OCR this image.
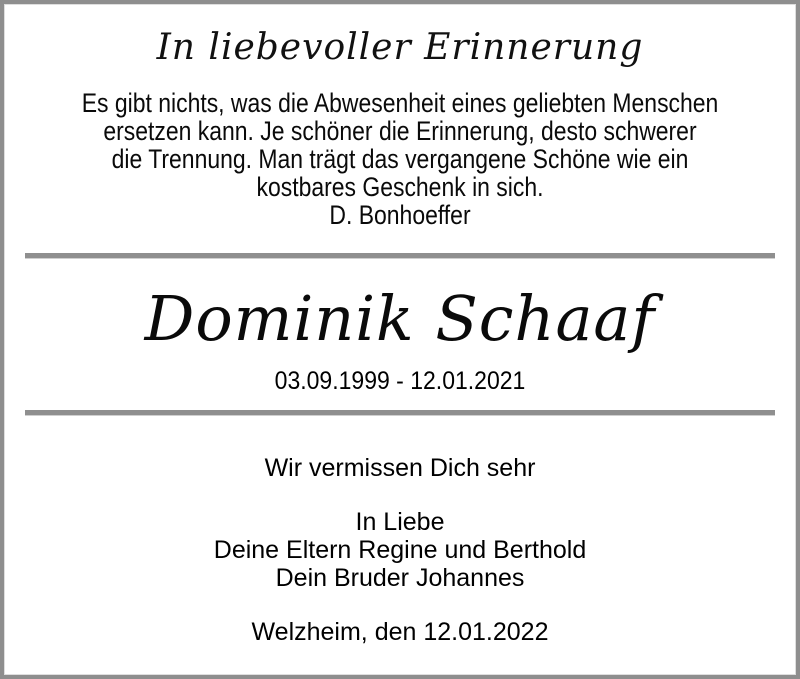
In liebevoller Erinnerung
Es gibt nichts, was die Abwesenheit eines geliebten Menschen
ersetzen kann. Je schöner die Erinnerung, desto schwerer
die Trennung. Man trägt das vergangene Schöne wie ein
kostbares Geschenk in sich.
D. Bonhoeffer
Dominik Schaaf
03.09.1999 - 12.01.2021
Wir vermissen Dich sehr
In Liebe
Deine Eltern Regine und Berthold
Dein Bruder Johannes
Welzheim, den 12.01.2022
